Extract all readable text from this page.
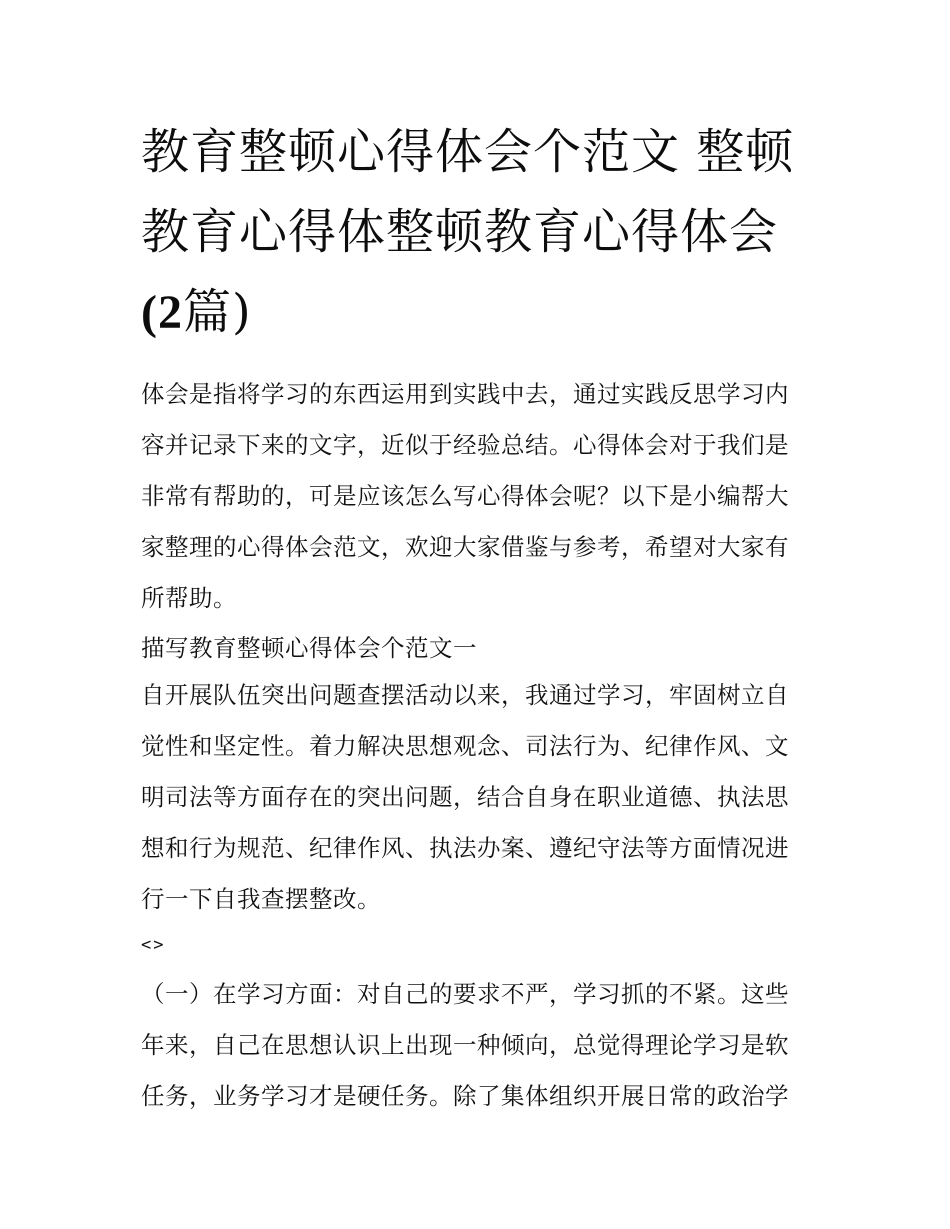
教育整顿心得体会个范文 整顿
教育心得体整顿教育心得体会
(2篇)

体会是指将学习的东西运用到实践中去，通过实践反思学习内
容并记录下来的文字，近似于经验总结。心得体会对于我们是
非常有帮助的，可是应该怎么写心得体会呢？以下是小编帮大
家整理的心得体会范文，欢迎大家借鉴与参考，希望对大家有
所帮助。

描写教育整顿心得体会个范文一

自开展队伍突出问题查摆活动以来，我通过学习，牢固树立自
觉性和坚定性。着力解决思想观念、司法行为、纪律作风、文
明司法等方面存在的突出问题，结合自身在职业道德、执法思
想和行为规范、纪律作风、执法办案、遵纪守法等方面情况进
行一下自我查摆整改。

<>

（一）在学习方面：对自己的要求不严，学习抓的不紧。这些
年来，自己在思想认识上出现一种倾向，总觉得理论学习是软
任务，业务学习才是硬任务。除了集体组织开展日常的政治学
